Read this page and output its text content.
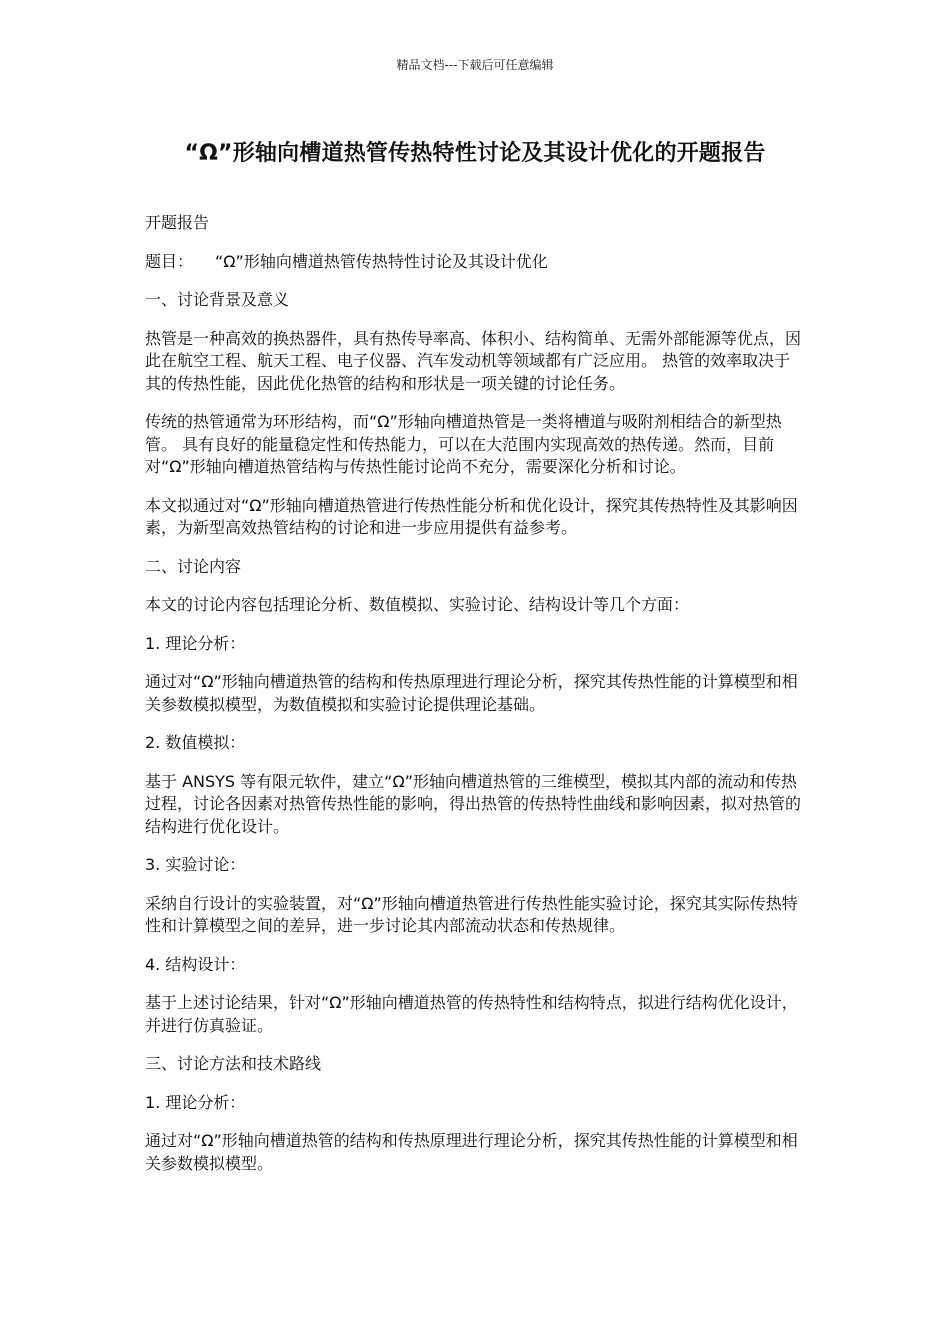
精品文档---下载后可任意编辑
“Ω”形轴向槽道热管传热特性讨论及其设计优化的开题报告

开题报告

题目： “Ω”形轴向槽道热管传热特性讨论及其设计优化

一、讨论背景及意义

热管是一种高效的换热器件，具有热传导率高、体积小、结构简单、无需外部能源等优点，因此在航空工程、航天工程、电子仪器、汽车发动机等领域都有广泛应用。 热管的效率取决于其的传热性能，因此优化热管的结构和形状是一项关键的讨论任务。

传统的热管通常为环形结构，而“Ω”形轴向槽道热管是一类将槽道与吸附剂相结合的新型热管。 具有良好的能量稳定性和传热能力，可以在大范围内实现高效的热传递。然而，目前对“Ω”形轴向槽道热管结构与传热性能讨论尚不充分，需要深化分析和讨论。

本文拟通过对“Ω”形轴向槽道热管进行传热性能分析和优化设计，探究其传热特性及其影响因素，为新型高效热管结构的讨论和进一步应用提供有益参考。

二、讨论内容

本文的讨论内容包括理论分析、数值模拟、实验讨论、结构设计等几个方面：

1. 理论分析：

通过对“Ω”形轴向槽道热管的结构和传热原理进行理论分析，探究其传热性能的计算模型和相关参数模拟模型，为数值模拟和实验讨论提供理论基础。

2. 数值模拟：

基于 ANSYS 等有限元软件，建立“Ω”形轴向槽道热管的三维模型，模拟其内部的流动和传热过程，讨论各因素对热管传热性能的影响，得出热管的传热特性曲线和影响因素，拟对热管的结构进行优化设计。

3. 实验讨论：

采纳自行设计的实验装置，对“Ω”形轴向槽道热管进行传热性能实验讨论，探究其实际传热特性和计算模型之间的差异，进一步讨论其内部流动状态和传热规律。

4. 结构设计：

基于上述讨论结果，针对“Ω”形轴向槽道热管的传热特性和结构特点，拟进行结构优化设计，并进行仿真验证。

三、讨论方法和技术路线

1. 理论分析：

通过对“Ω”形轴向槽道热管的结构和传热原理进行理论分析，探究其传热性能的计算模型和相关参数模拟模型。
